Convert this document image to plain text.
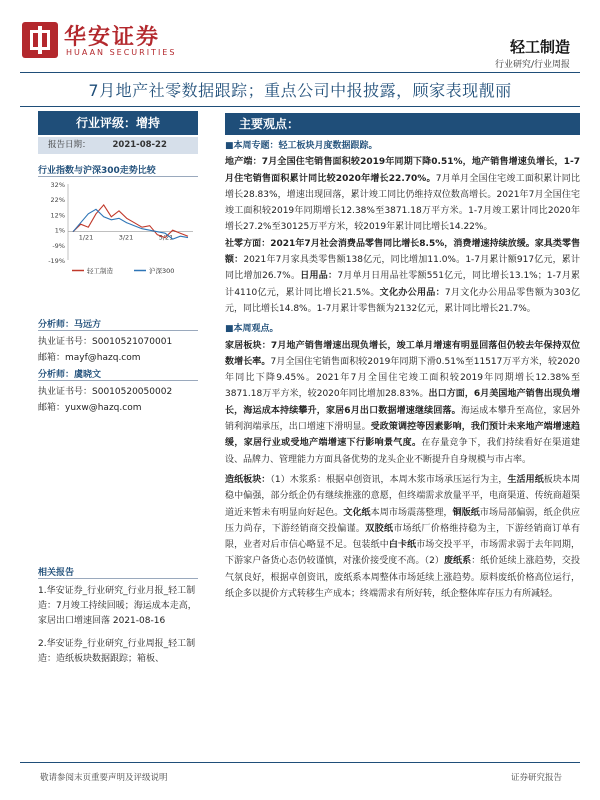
华安证券
HUAAN SECURITIES	轻工制造
行业研究/行业周报
7月地产社零数据跟踪；重点公司中报披露，顾家表现靓丽
行业评级：增持
报告日期：	2021-08-22
行业指数与沪深300走势比较
32%
22%
12%
1%
-9%
-19%
1/21	3/21	5/21
轻工制造	沪深300
分析师：马远方
执业证书号：S0010521070001
邮箱：mayf@hazq.com
分析师：虞晓文
执业证书号：S0010520050002
邮箱：yuxw@hazq.com
相关报告
1.华安证券_行业研究_行业月报_轻工制造：7月竣工持续回暖；海运成本走高，家居出口增速回落 2021-08-16
2.华安证券_行业研究_行业周报_轻工制造：造纸板块数据跟踪；箱板、
主要观点：

■本周专题：轻工板块月度数据跟踪。

地产端：7月全国住宅销售面积较2019年同期下降0.51%，地产销售增速负增长，1-7月住宅销售面积累计同比较2020年增长22.70%。7月单月全国住宅竣工面积累计同比增长28.83%，增速出现回落，累计竣工同比仍维持双位数高增长。2021年7月全国住宅竣工面积较2019年同期增长12.38%至3871.18万平方米。1-7月竣工累计同比2020年增长27.2%至30125万平方米，较2019年累计同比增长14.22%。

社零方面：2021年7月社会消费品零售同比增长8.5%，消费增速持续放缓。家具类零售额：2021年7月家具类零售额138亿元，同比增加11.0%。1-7月累计额917亿元，累计同比增加26.7%。日用品：7月单月日用品社零额551亿元，同比增长13.1%；1-7月累计4110亿元，累计同比增长21.5%。文化办公用品：7月文化办公用品零售额为303亿元，同比增长14.8%。1-7月累计零售额为2132亿元，累计同比增长21.7%。

■本周观点。

家居板块：7月地产销售增速出现负增长，竣工单月增速有明显回落但仍较去年保持双位数增长率。7月全国住宅销售面积较2019年同期下滑0.51%至11517万平方米，较2020年同比下降9.45%。2021年7月全国住宅竣工面积较2019年同期增长12.38%至3871.18万平方米，较2020年同比增加28.83%。出口方面，6月美国地产销售出现负增长，海运成本持续攀升，家居6月出口数据增速继续回落。海运成本攀升至高位，家居外销利润端承压，出口增速下滑明显。受政策调控等因素影响，我们预计未来地产端增速趋缓，家居行业或受地产端增速下行影响景气度。在存量竞争下，我们持续看好在渠道建设、品牌力、管理能力方面具备优势的龙头企业不断提升自身规模与市占率。

造纸板块：（1）木浆系：根据卓创资讯，本周木浆市场承压运行为主，生活用纸板块本周稳中偏强，部分纸企仍有继续推涨的意愿，但终端需求放量平平，电商渠道、传统商超渠道近来暂未有明显向好起色。文化纸本周市场震荡整理，铜版纸市场局部偏弱，纸企供应压力尚存，下游经销商交投偏谨。双胶纸市场纸厂价格维持稳为主，下游经销商订单有限，业者对后市信心略显不足。包装纸中白卡纸市场交投平平，市场需求弱于去年同期，下游家户备货心态仍较谨慎，对涨价接受度不高。（2）废纸系：纸价延续上涨趋势，交投气氛良好，根据卓创资讯，废纸系本周整体市场延续上涨趋势。原料废纸价格高位运行，纸企多以提价方式转移生产成本；终端需求有所好转，纸企整体库存压力有所减轻。

敬请参阅末页重要声明及评级说明	证券研究报告
